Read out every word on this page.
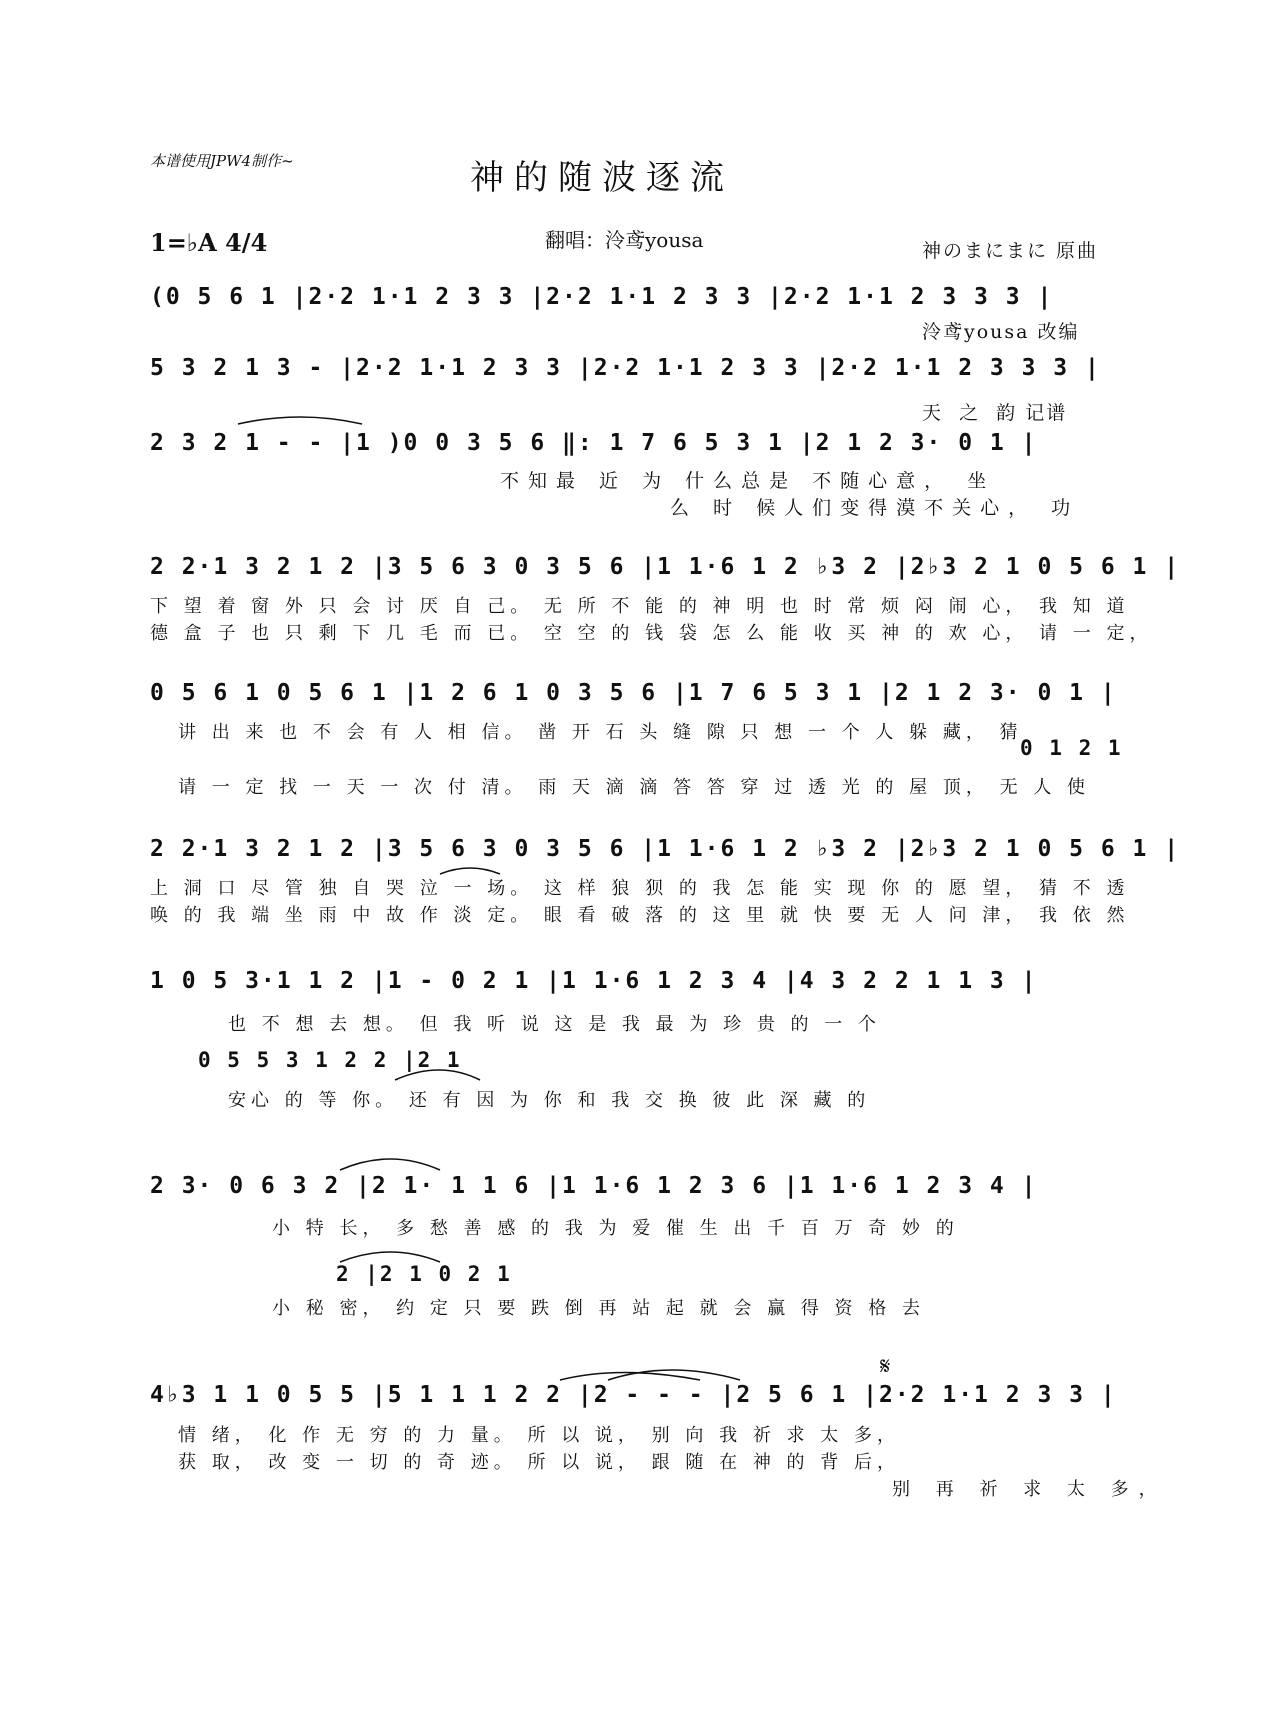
本谱使用JPW4制作~	神的随波逐流
1=♭A 4/4	翻唱：泠鸢yousa

	神のまにまに 原曲

泠鸢yousa 改编

天  之  韵 记谱

(0 5 6 1 |2·2 1·1 2 3 3 |2·2 1·1 2 3 3 |2·2 1·1 2 3 3 3 |
5 3 2 1 3 - |2·2 1·1 2 3 3 |2·2 1·1 2 3 3 |2·2 1·1 2 3 3 3 |
2 3 2 1 - - |1 )0 0 3 5 6 ‖: 1 7 6 5 3 1 |2 1 2 3· 0 1 |
不知最 近 为 什么总是 不随心意， 坐
么 时 候人们变得漠不关心， 功
2 2·1 3 2 1 2 |3 5 6 3 0 3 5 6 |1 1·6 1 2 ♭3 2 |2♭3 2 1 0 5 6 1 |
下 望 着 窗 外 只 会 讨 厌 自 己。 无 所 不 能 的 神 明 也 时 常 烦 闷 闹 心， 我 知 道
德 盒 子 也 只 剩 下 几 毛 而 已。 空 空 的 钱 袋 怎 么 能 收 买 神 的 欢 心， 请 一 定，
0 5 6 1 0 5 6 1 |1 2 6 1 0 3 5 6 |1 7 6 5 3 1 |2 1 2 3· 0 1 |
讲 出 来 也 不 会 有 人 相 信。 凿 开 石 头 缝 隙 只 想 一 个 人 躲 藏， 猜
0 1 2 1
请 一 定 找 一 天 一 次 付 清。 雨 天 滴 滴 答 答 穿 过 透 光 的 屋 顶， 无 人 使
2 2·1 3 2 1 2 |3 5 6 3 0 3 5 6 |1 1·6 1 2 ♭3 2 |2♭3 2 1 0 5 6 1 |
上 洞 口 尽 管 独 自 哭 泣 一 场。 这 样 狼 狈 的 我 怎 能 实 现 你 的 愿 望， 猜 不 透
唤 的 我 端 坐 雨 中 故 作 淡 定。 眼 看 破 落 的 这 里 就 快 要 无 人 问 津， 我 依 然
1 0 5 3·1 1 2 |1 - 0 2 1 |1 1·6 1 2 3 4 |4 3 2 2 1 1 3 |
也 不 想 去 想。 但 我 听 说 这 是 我 最 为 珍 贵 的 一 个
0 5 5 3 1 2 2 |2 1
安心 的 等 你。 还 有 因 为 你 和 我 交 换 彼 此 深 藏 的
2 3· 0 6 3 2 |2 1· 1 1 6 |1 1·6 1 2 3 6 |1 1·6 1 2 3 4 |
小 特 长， 多 愁 善 感 的 我 为 爱 催 生 出 千 百 万 奇 妙 的
2 |2 1 0 2 1
小 秘 密， 约 定 只 要 跌 倒 再 站 起 就 会 赢 得 资 格 去
𝄋
4♭3 1 1 0 5 5 |5 1 1 1 2 2 |2 - - - |2 5 6 1 |2·2 1·1 2 3 3 |
情 绪， 化 作 无 穷 的 力 量。 所 以 说， 别 向 我 祈 求 太 多，
获 取， 改 变 一 切 的 奇 迹。 所 以 说， 跟 随 在 神 的 背 后，
别 再 祈 求 太 多，
